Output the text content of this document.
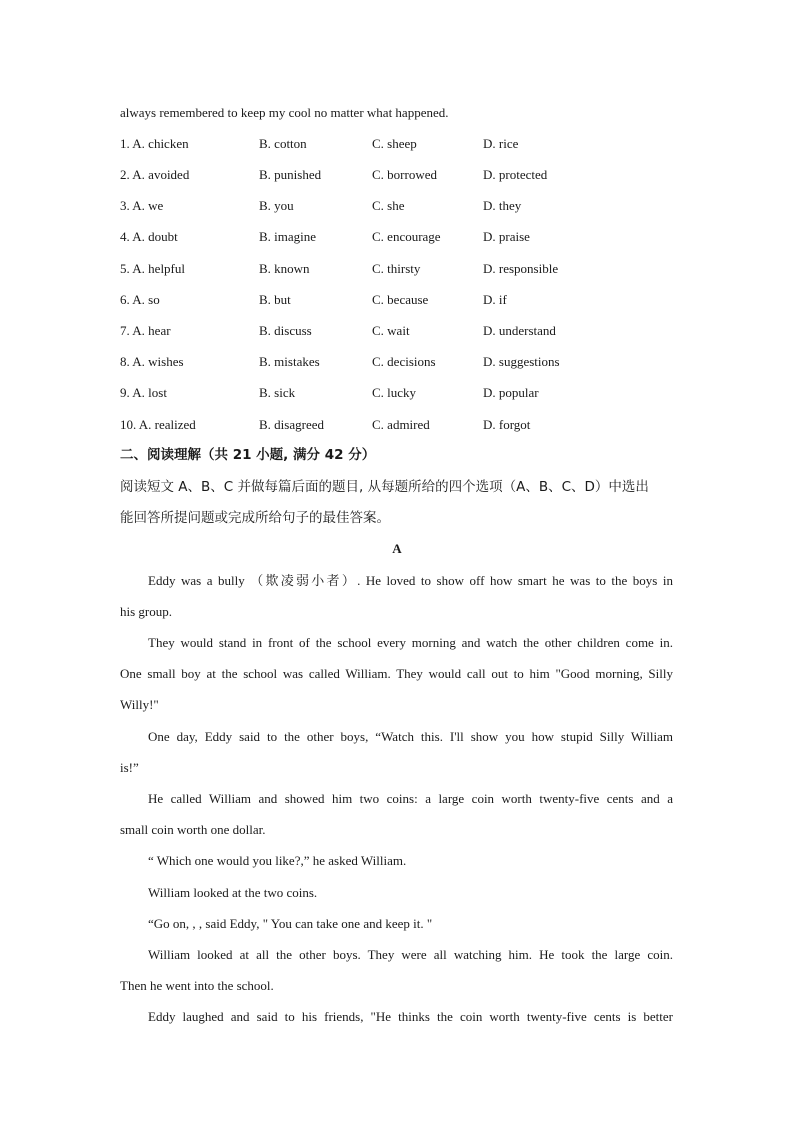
always remembered to keep my cool no matter what happened.
1. A. chicken	B. cotton	C. sheep	D. rice
2. A. avoided	B. punished	C. borrowed	D. protected
3. A. we	B. you	C. she	D. they
4. A. doubt	B. imagine	C. encourage	D. praise
5. A. helpful	B. known	C. thirsty	D. responsible
6. A. so	B. but	C. because	D. if
7. A. hear	B. discuss	C. wait	D. understand
8. A. wishes	B. mistakes	C. decisions	D. suggestions
9. A. lost	B. sick	C. lucky	D. popular
10. A. realized	B. disagreed	C. admired	D. forgot
二、阅读理解（共 21 小题, 满分 42 分）
阅读短文 A、B、C 并做每篇后面的题目, 从每题所给的四个选项（A、B、C、D）中选出
能回答所提问题或完成所给句子的最佳答案。
A
Eddy was a bully （欺凌弱小者）. He loved to show off how smart he was to the boys in
his group.
They would stand in front of the school every morning and watch the other children come in.
One small boy at the school was called William. They would call out to him "Good morning, Silly
Willy!"
One day, Eddy said to the other boys, “Watch this. I'll show you how stupid Silly William
is!”
He called William and showed him two coins: a large coin worth twenty-five cents and a
small coin worth one dollar.
“ Which one would you like?,” he asked William.
William looked at the two coins.
“Go on, , , said Eddy, " You can take one and keep it. "
William looked at all the other boys. They were all watching him. He took the large coin.
Then he went into the school.
Eddy laughed and said to his friends, "He thinks the coin worth twenty-five cents is better
